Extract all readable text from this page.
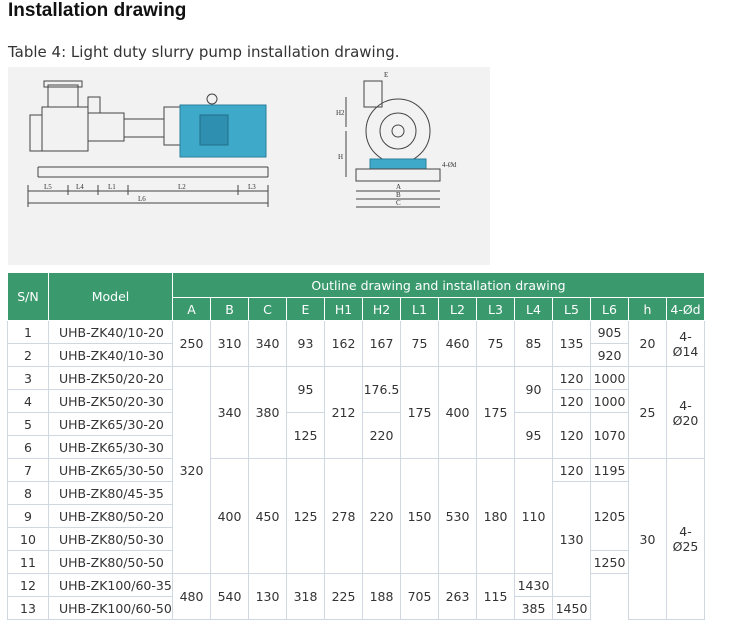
Installation drawing
Table 4: Light duty slurry pump installation drawing.
L5	L4	L1	L2	L3
L6
E
H2
H
4-Ød
A
B
C
S/N	Model	Outline drawing and installation drawing													
		A	B	C	E	H1	H2	L1	L2	L3	L4	L5	L6	h	4-Ød
1	UHB-ZK40/10-20	250	310	340	93	162	167	75	460	75	85	135	905	20	4-Ø14
2	UHB-ZK40/10-30												920		
3	UHB-ZK50/20-20	320	340	380	95	212	176.5	175	400	175	90	120	1000	25	4-Ø20
4	UHB-ZK50/20-30											120	1000		
5	UHB-ZK65/30-20				125		220				95	120	1070		
6	UHB-ZK65/30-30														
7	UHB-ZK65/30-50		400	450	125	278	220	150	530	180	110	120	1195	30	4-Ø25
8	UHB-ZK80/45-35											130	1205		
9	UHB-ZK80/50-20														
10	UHB-ZK80/50-30														
11	UHB-ZK80/50-50												1250		
12	UHB-ZK100/60-35	480	540	130	318	225	188	705	263	115	1430				
13	UHB-ZK100/60-50										385	1450			
